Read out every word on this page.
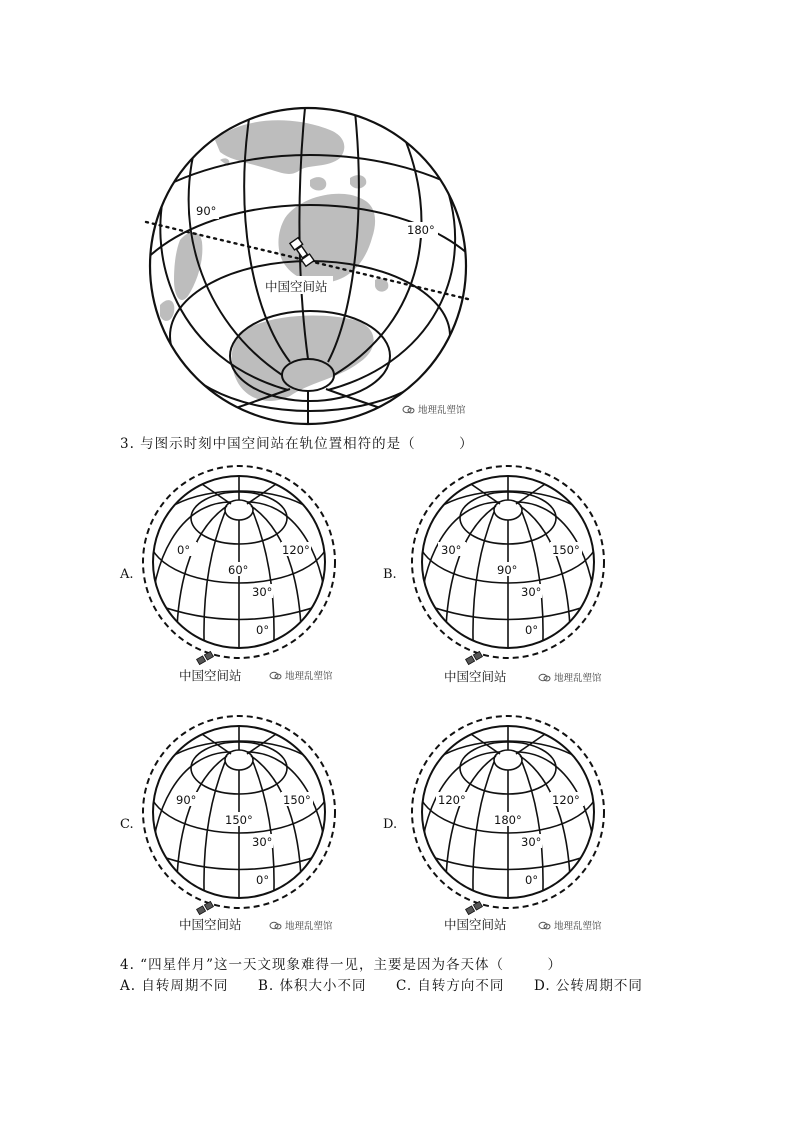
90°
180°
中国空间站
地理乱塑馆
3. 与图示时刻中国空间站在轨位置相符的是（　　　）
A.
0°	120°
60°
30°
0°
中国空间站	地理乱塑馆
B.
30°	150°
90°
30°
0°
中国空间站	地理乱塑馆
C.
90°	150°
150°
30°
0°
中国空间站	地理乱塑馆
D.
120°	120°
180°
30°
0°
中国空间站	地理乱塑馆
4. “四星伴月”这一天文现象难得一见，主要是因为各天体（　　　）
A. 自转周期不同 B. 体积大小不同 C. 自转方向不同 D. 公转周期不同
